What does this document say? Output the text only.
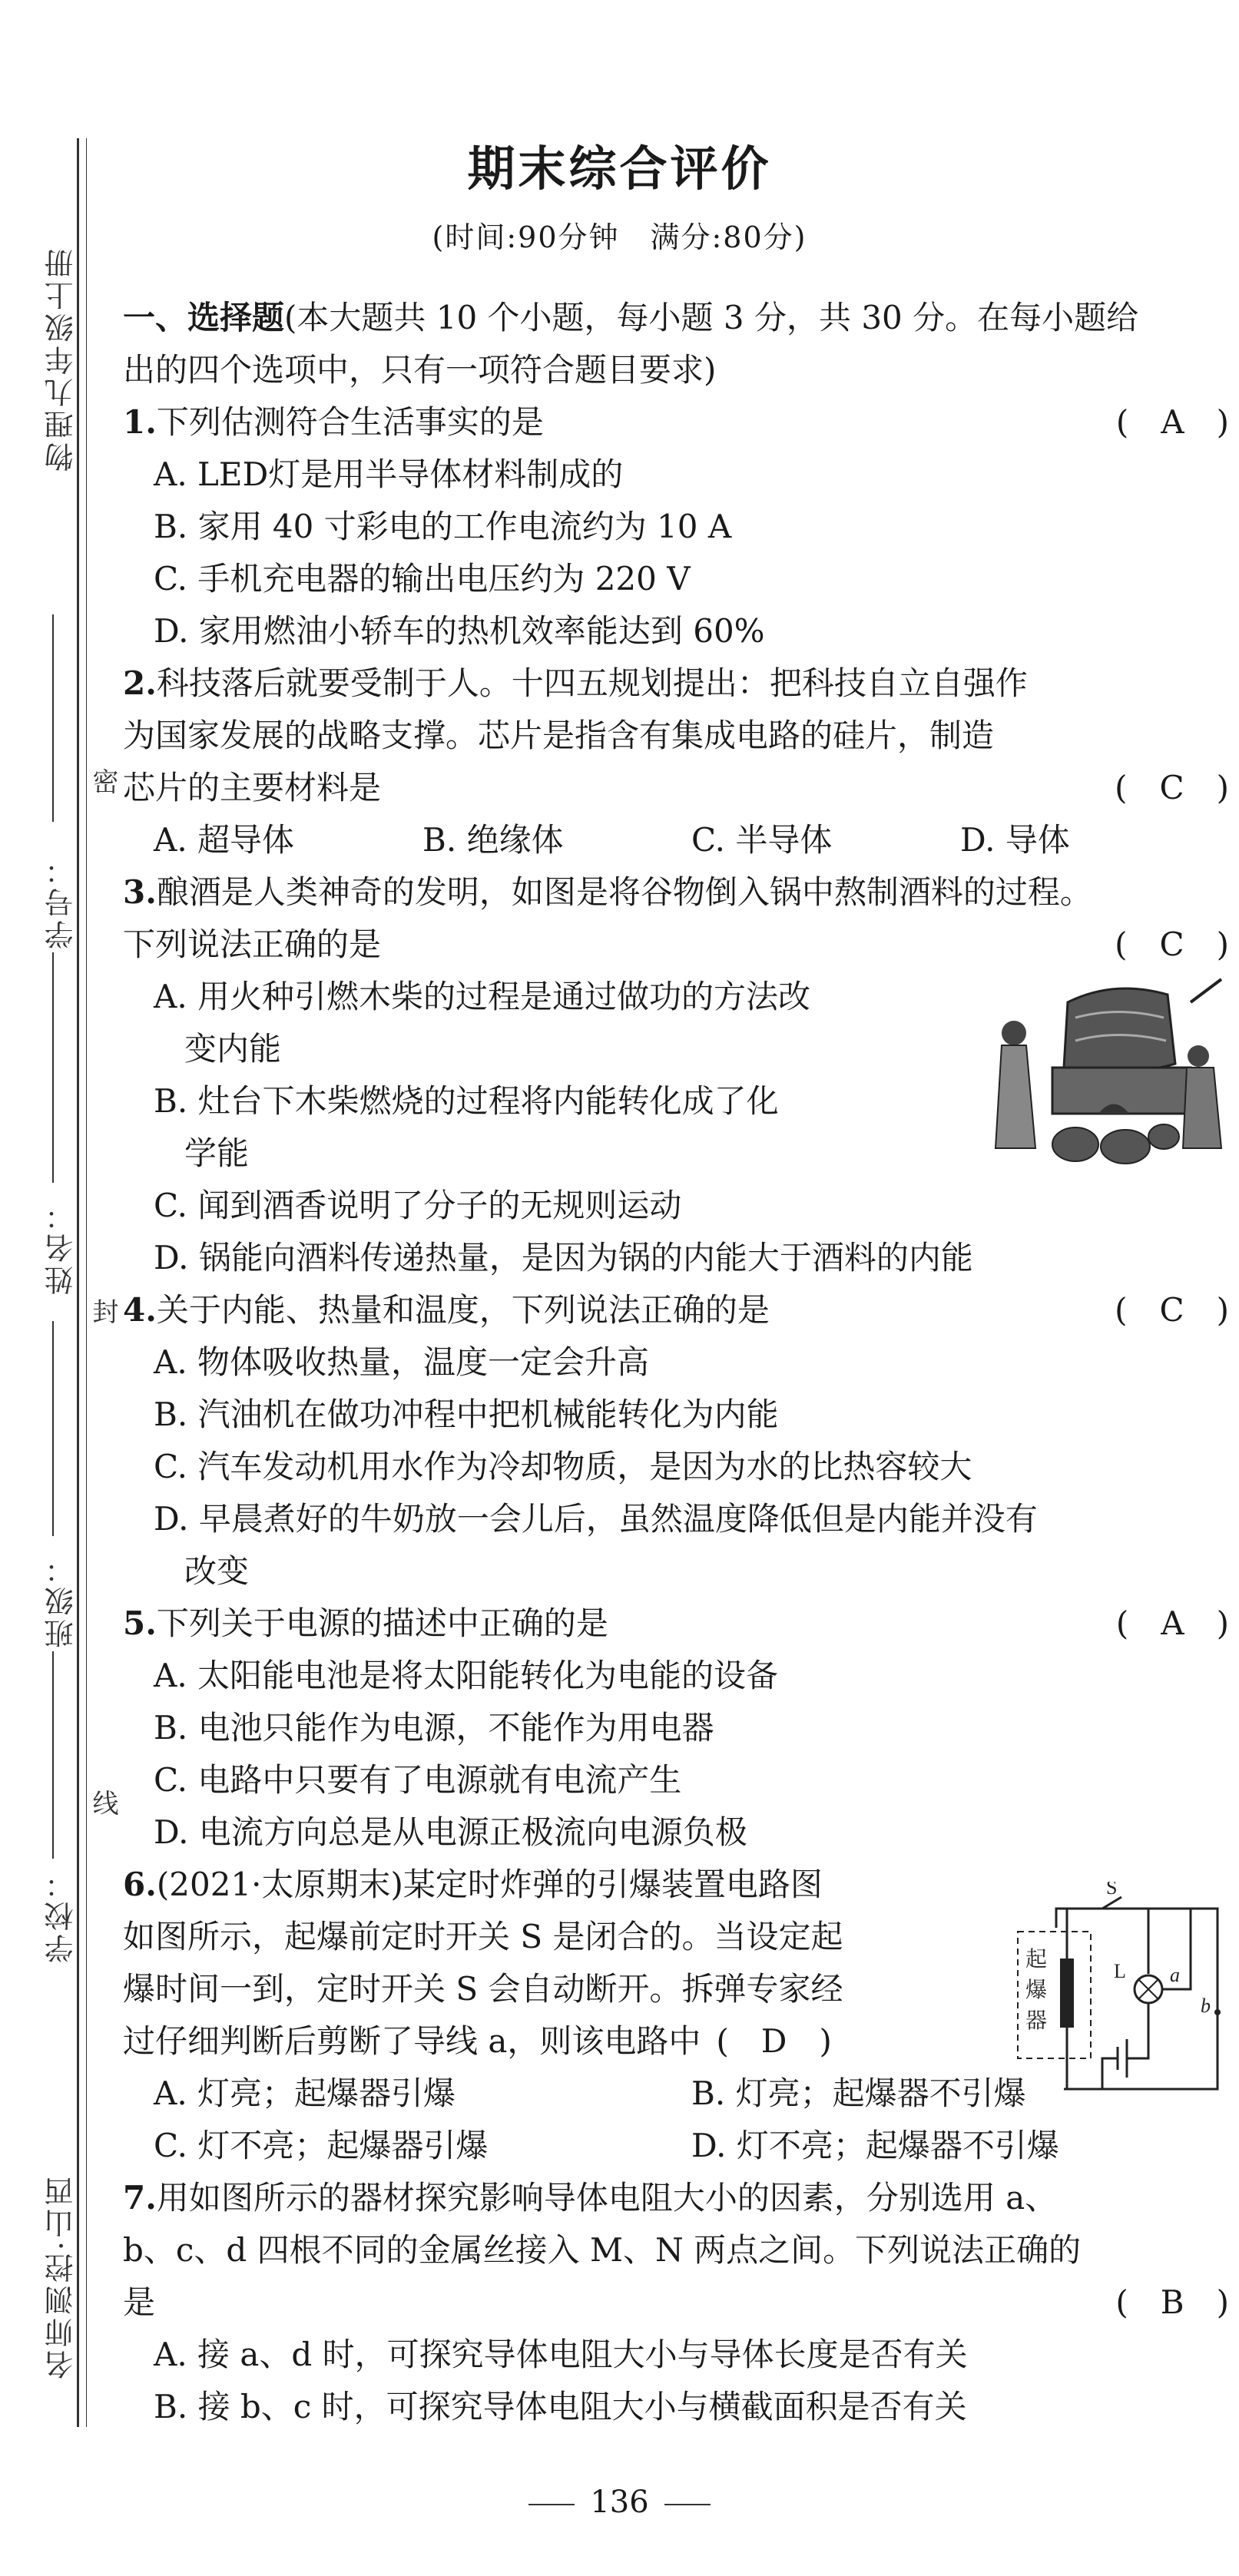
物理九年级上册
学号：
密
姓名：
封
班级：
线
学校：
名师测控·山西
期末综合评价
(时间:90分钟　满分:80分)
一、选择题(本大题共 10 个小题，每小题 3 分，共 30 分。在每小题给
出的四个选项中，只有一项符合题目要求)
1.下列估测符合生活事实的是	(　A　)
A. LED灯是用半导体材料制成的
B. 家用 40 寸彩电的工作电流约为 10 A
C. 手机充电器的输出电压约为 220 V
D. 家用燃油小轿车的热机效率能达到 60%
2.科技落后就要受制于人。十四五规划提出：把科技自立自强作
为国家发展的战略支撑。芯片是指含有集成电路的硅片，制造
芯片的主要材料是	(　C　)
A. 超导体	B. 绝缘体	C. 半导体	D. 导体
3.酿酒是人类神奇的发明，如图是将谷物倒入锅中熬制酒料的过程。
下列说法正确的是	(　C　)
A. 用火种引燃木柴的过程是通过做功的方法改
变内能
B. 灶台下木柴燃烧的过程将内能转化成了化
学能
C. 闻到酒香说明了分子的无规则运动
D. 锅能向酒料传递热量，是因为锅的内能大于酒料的内能
4.关于内能、热量和温度，下列说法正确的是	(　C　)
A. 物体吸收热量，温度一定会升高
B. 汽油机在做功冲程中把机械能转化为内能
C. 汽车发动机用水作为冷却物质，是因为水的比热容较大
D. 早晨煮好的牛奶放一会儿后，虽然温度降低但是内能并没有
改变
5.下列关于电源的描述中正确的是	(　A　)
A. 太阳能电池是将太阳能转化为电能的设备
B. 电池只能作为电源，不能作为用电器
C. 电路中只要有了电源就有电流产生
D. 电流方向总是从电源正极流向电源负极
6.(2021·太原期末)某定时炸弹的引爆装置电路图
如图所示，起爆前定时开关 S 是闭合的。当设定起
爆时间一到，定时开关 S 会自动断开。拆弹专家经
过仔细判断后剪断了导线 a，则该电路中 (　D　)
A. 灯亮；起爆器引爆	B. 灯亮；起爆器不引爆
C. 灯不亮；起爆器引爆	D. 灯不亮；起爆器不引爆
7.用如图所示的器材探究影响导体电阻大小的因素，分别选用 a、
b、c、d 四根不同的金属丝接入 M、N 两点之间。下列说法正确的
是	(　B　)
A. 接 a、d 时，可探究导体电阻大小与导体长度是否有关
B. 接 b、c 时，可探究导体电阻大小与横截面积是否有关
S
起
爆
器
L a
b
136
